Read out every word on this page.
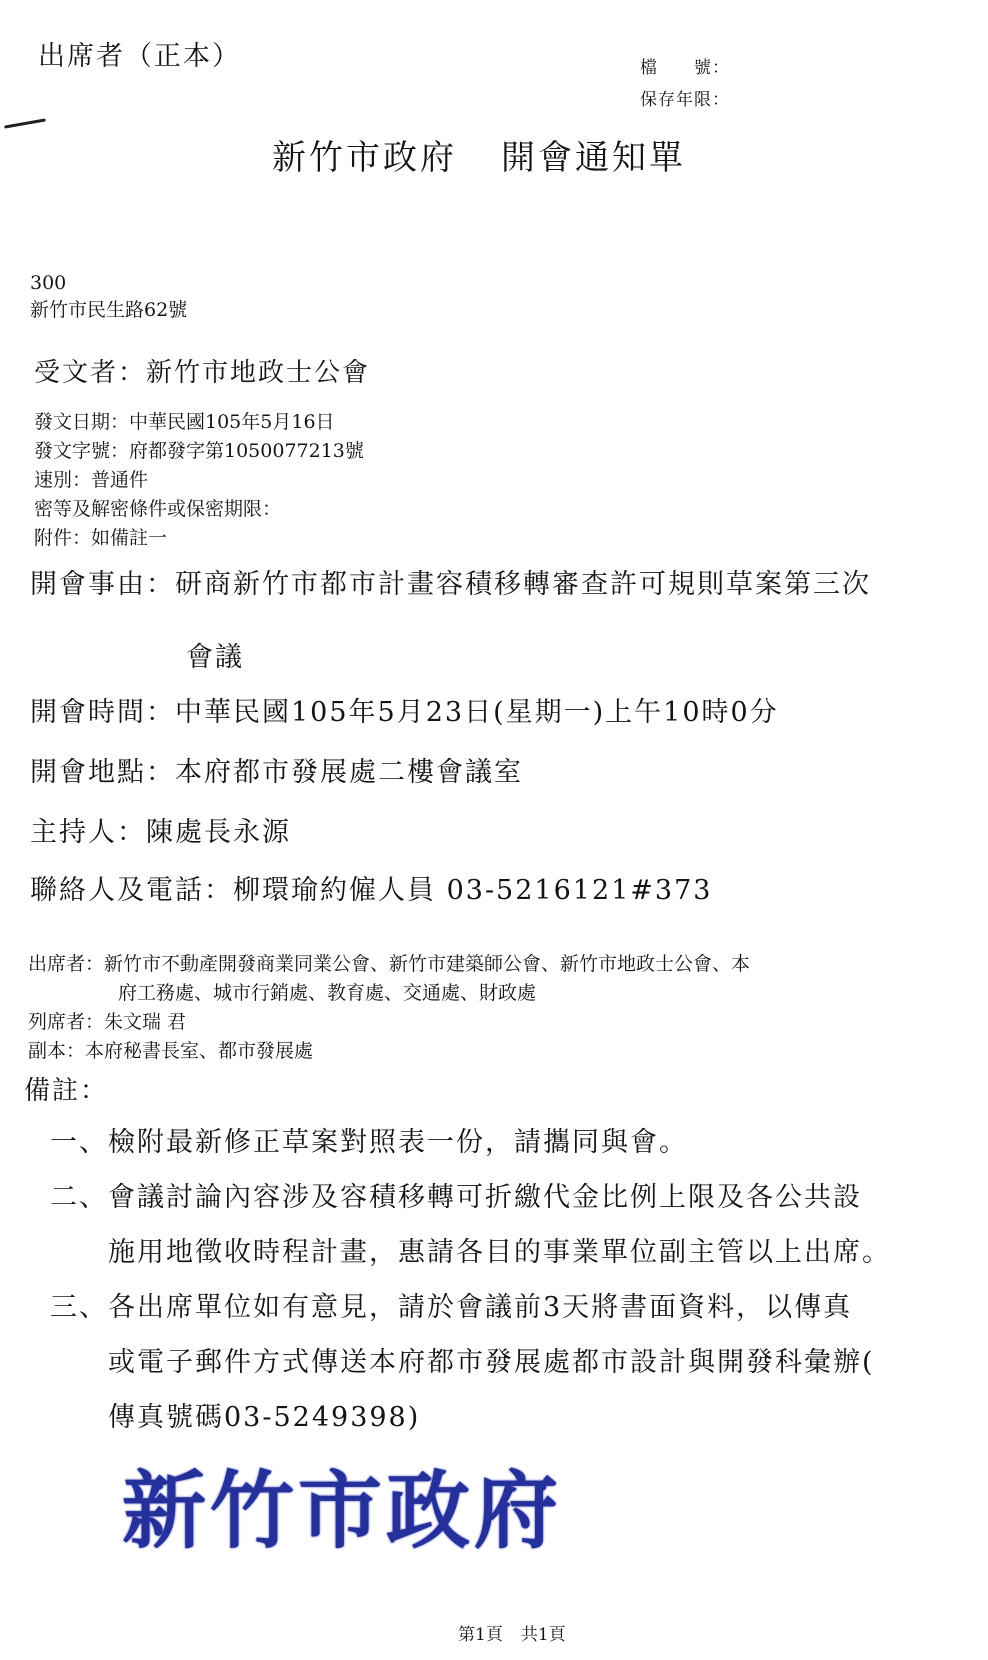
出席者（正本）	檔　　號：
保存年限：
新竹市政府 開會通知單
300
新竹市民生路62號
受文者：新竹市地政士公會
發文日期：中華民國105年5月16日
發文字號：府都發字第1050077213號
速別：普通件
密等及解密條件或保密期限：
附件：如備註一
開會事由：研商新竹市都市計畫容積移轉審查許可規則草案第三次
會議
開會時間：中華民國105年5月23日(星期一)上午10時0分
開會地點：本府都市發展處二樓會議室
主持人：陳處長永源
聯絡人及電話：柳環瑜約僱人員 03-5216121#373
出席者：新竹市不動產開發商業同業公會、新竹市建築師公會、新竹市地政士公會、本
府工務處、城市行銷處、教育處、交通處、財政處
列席者：朱文瑞 君
副本：本府秘書長室、都市發展處
備註：
一、檢附最新修正草案對照表一份，請攜同與會。
二、會議討論內容涉及容積移轉可折繳代金比例上限及各公共設
施用地徵收時程計畫，惠請各目的事業單位副主管以上出席。
三、各出席單位如有意見，請於會議前3天將書面資料，以傳真
或電子郵件方式傳送本府都市發展處都市設計與開發科彙辦(
傳真號碼03-5249398)
新竹市政府
第1頁 共1頁
